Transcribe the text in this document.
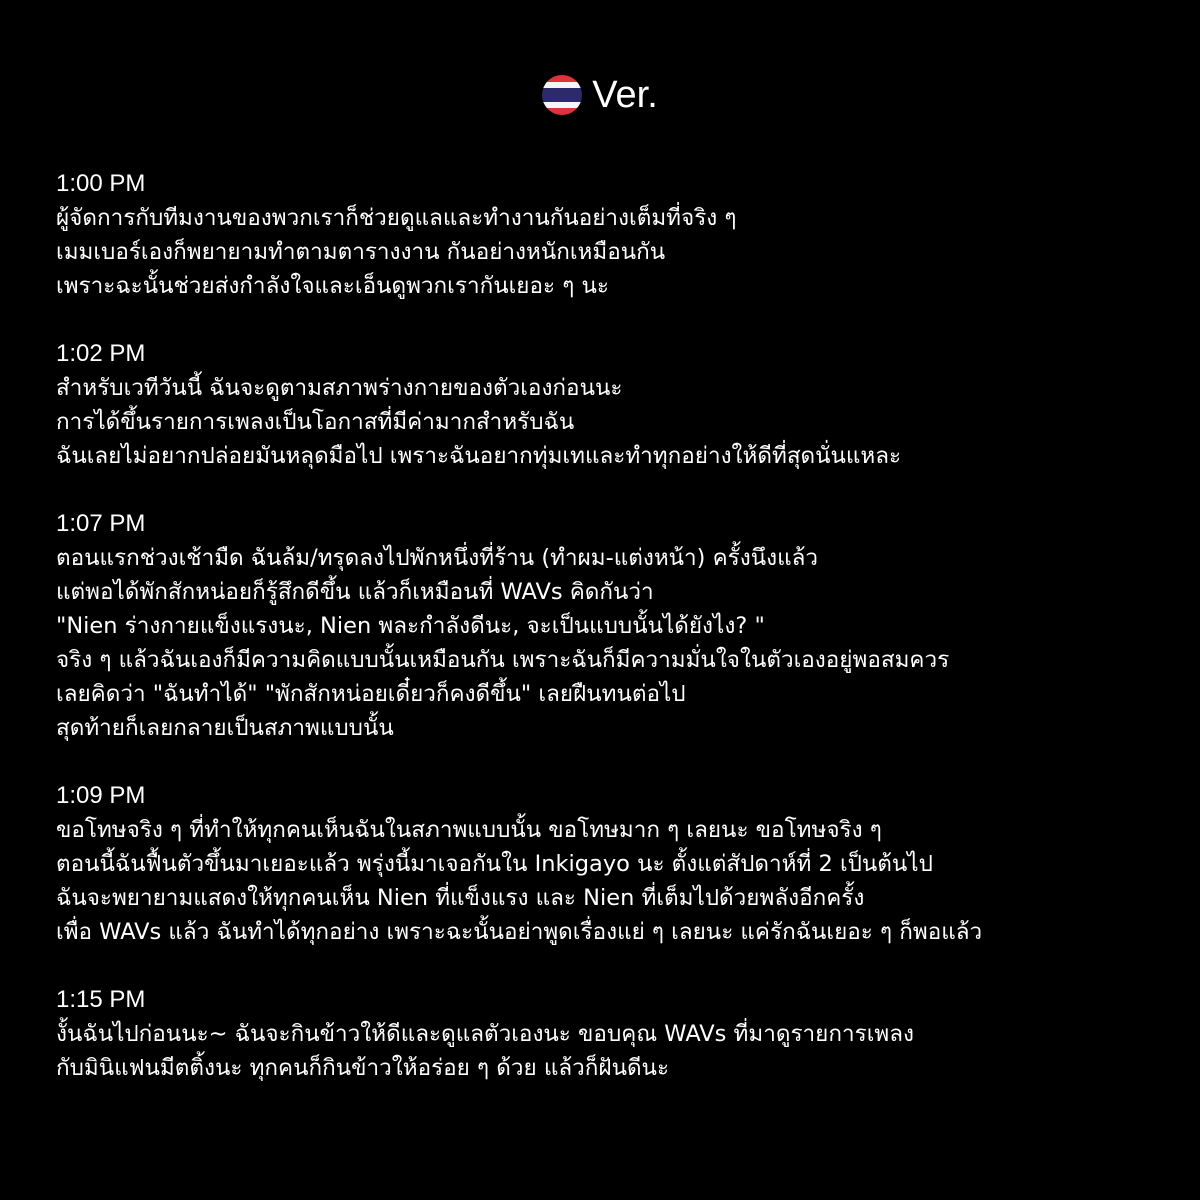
Ver.
1:00 PM
ผู้จัดการกับทีมงานของพวกเราก็ช่วยดูแลและทำงานกันอย่างเต็มที่จริง ๆ
เมมเบอร์เองก็พยายามทำตามตารางงาน กันอย่างหนักเหมือนกัน
เพราะฉะนั้นช่วยส่งกำลังใจและเอ็นดูพวกเรากันเยอะ ๆ นะ
1:02 PM
สำหรับเวทีวันนี้ ฉันจะดูตามสภาพร่างกายของตัวเองก่อนนะ
การได้ขึ้นรายการเพลงเป็นโอกาสที่มีค่ามากสำหรับฉัน
ฉันเลยไม่อยากปล่อยมันหลุดมือไป เพราะฉันอยากทุ่มเทและทำทุกอย่างให้ดีที่สุดนั่นแหละ
1:07 PM
ตอนแรกช่วงเช้ามืด ฉันล้ม/ทรุดลงไปพักหนึ่งที่ร้าน (ทำผม-แต่งหน้า) ครั้งนึงแล้ว
แต่พอได้พักสักหน่อยก็รู้สึกดีขึ้น แล้วก็เหมือนที่ WAVs คิดกันว่า
"Nien ร่างกายแข็งแรงนะ, Nien พละกำลังดีนะ, จะเป็นแบบนั้นได้ยังไง? "
จริง ๆ แล้วฉันเองก็มีความคิดแบบนั้นเหมือนกัน เพราะฉันก็มีความมั่นใจในตัวเองอยู่พอสมควร
เลยคิดว่า "ฉันทำได้" "พักสักหน่อยเดี๋ยวก็คงดีขึ้น" เลยฝืนทนต่อไป
สุดท้ายก็เลยกลายเป็นสภาพแบบนั้น
1:09 PM
ขอโทษจริง ๆ ที่ทำให้ทุกคนเห็นฉันในสภาพแบบนั้น ขอโทษมาก ๆ เลยนะ ขอโทษจริง ๆ
ตอนนี้ฉันฟื้นตัวขึ้นมาเยอะแล้ว พรุ่งนี้มาเจอกันใน Inkigayo นะ ตั้งแต่สัปดาห์ที่ 2 เป็นต้นไป
ฉันจะพยายามแสดงให้ทุกคนเห็น Nien ที่แข็งแรง และ Nien ที่เต็มไปด้วยพลังอีกครั้ง
เพื่อ WAVs แล้ว ฉันทำได้ทุกอย่าง เพราะฉะนั้นอย่าพูดเรื่องแย่ ๆ เลยนะ แค่รักฉันเยอะ ๆ ก็พอแล้ว
1:15 PM
งั้นฉันไปก่อนนะ~ ฉันจะกินข้าวให้ดีและดูแลตัวเองนะ ขอบคุณ WAVs ที่มาดูรายการเพลง
กับมินิแฟนมีตติ้งนะ ทุกคนก็กินข้าวให้อร่อย ๆ ด้วย แล้วก็ฝันดีนะ
